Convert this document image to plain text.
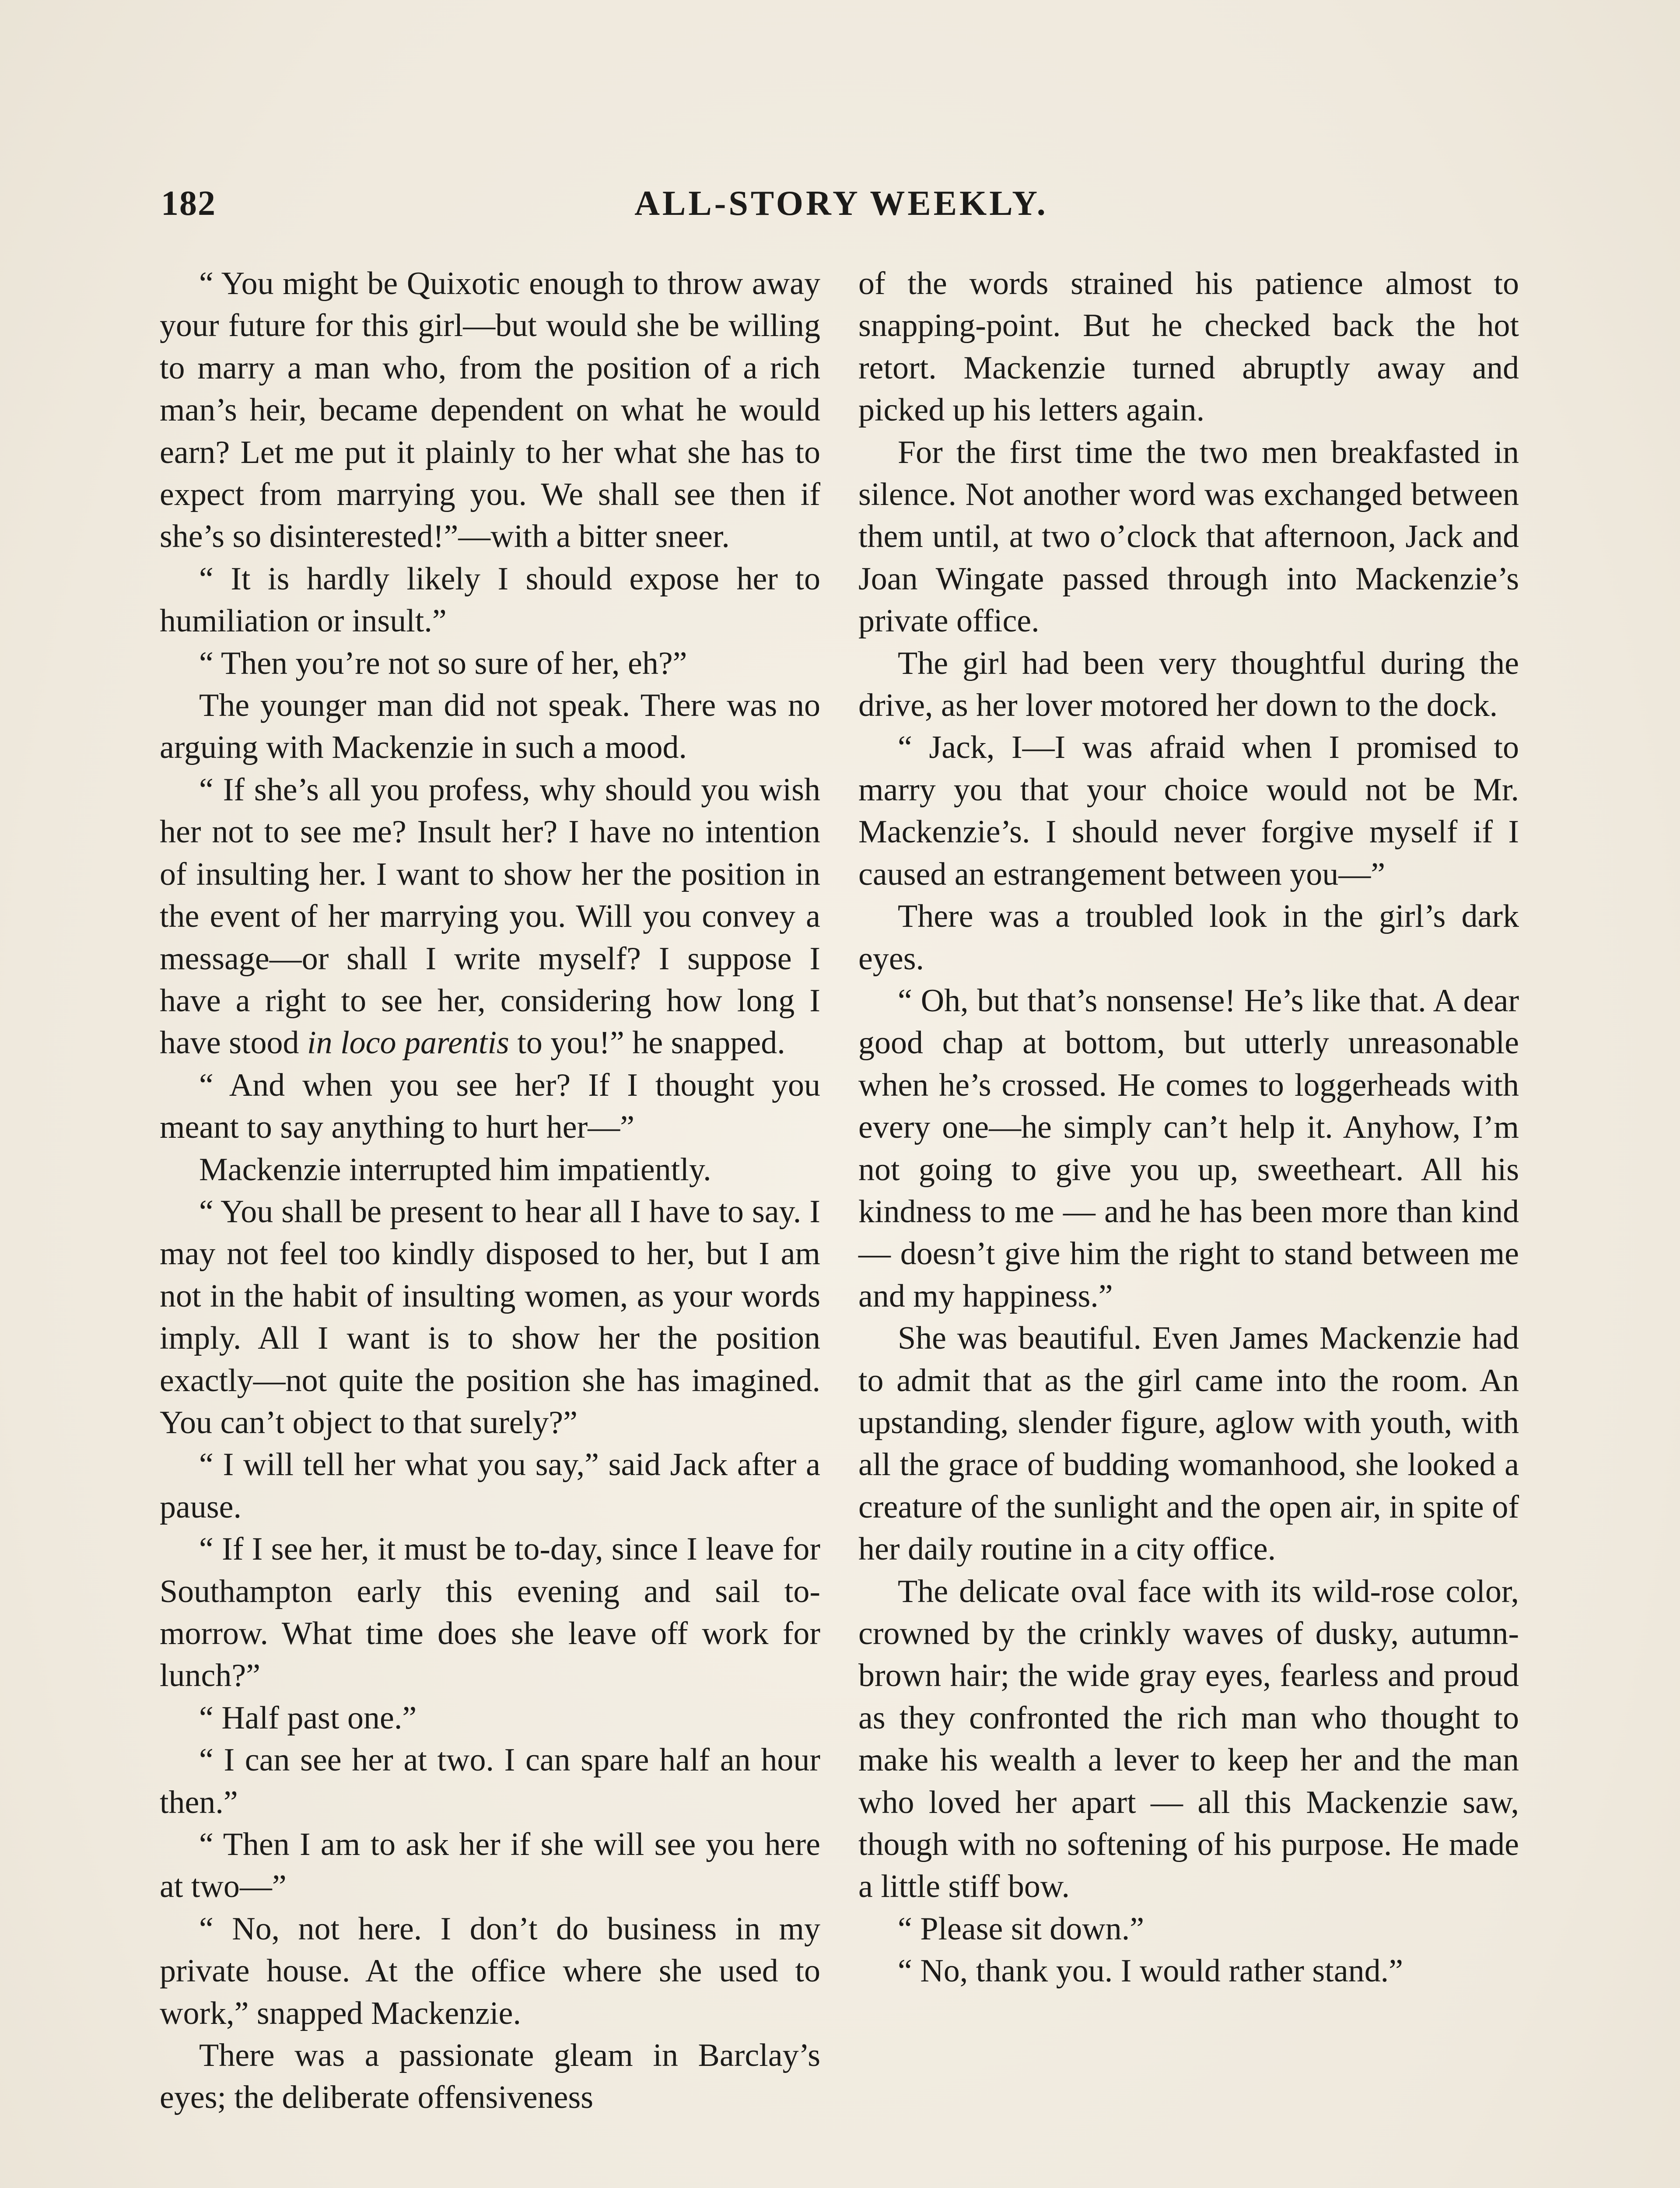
182	ALL-STORY WEEKLY.

“ You might be Quixotic enough to throw away your future for this girl—but would she be willing to marry a man who, from the position of a rich man’s heir, became dependent on what he would earn? Let me put it plainly to her what she has to expect from marrying you. We shall see then if she’s so disinterested!”—with a bitter sneer.

“ It is hardly likely I should expose her to humiliation or insult.”

“ Then you’re not so sure of her, eh?”

The younger man did not speak. There was no arguing with Mackenzie in such a mood.

“ If she’s all you profess, why should you wish her not to see me? Insult her? I have no intention of insulting her. I want to show her the position in the event of her marrying you. Will you convey a message—or shall I write myself? I suppose I have a right to see her, considering how long I have stood in loco parentis to you!” he snapped.

“ And when you see her? If I thought you meant to say anything to hurt her—”

Mackenzie interrupted him impatiently.

“ You shall be present to hear all I have to say. I may not feel too kindly disposed to her, but I am not in the habit of insulting women, as your words imply. All I want is to show her the position exactly—not quite the position she has imagined. You can’t object to that surely?”

“ I will tell her what you say,” said Jack after a pause.

“ If I see her, it must be to-day, since I leave for Southampton early this evening and sail to-morrow. What time does she leave off work for lunch?”

“ Half past one.”

“ I can see her at two. I can spare half an hour then.”

“ Then I am to ask her if she will see you here at two—”

“ No, not here. I don’t do business in my private house. At the office where she used to work,” snapped Mackenzie.

There was a passionate gleam in Barclay’s eyes; the deliberate offensiveness

of the words strained his patience almost to snapping-point. But he checked back the hot retort. Mackenzie turned abruptly away and picked up his letters again.

For the first time the two men breakfasted in silence. Not another word was exchanged between them until, at two o’clock that afternoon, Jack and Joan Wingate passed through into Mackenzie’s private office.

The girl had been very thoughtful during the drive, as her lover motored her down to the dock.

“ Jack, I—I was afraid when I promised to marry you that your choice would not be Mr. Mackenzie’s. I should never forgive myself if I caused an estrangement between you—”

There was a troubled look in the girl’s dark eyes.

“ Oh, but that’s nonsense! He’s like that. A dear good chap at bottom, but utterly unreasonable when he’s crossed. He comes to loggerheads with every one—he simply can’t help it. Anyhow, I’m not going to give you up, sweetheart. All his kindness to me — and he has been more than kind — doesn’t give him the right to stand between me and my happiness.”

She was beautiful. Even James Mackenzie had to admit that as the girl came into the room. An upstanding, slender figure, aglow with youth, with all the grace of budding womanhood, she looked a creature of the sunlight and the open air, in spite of her daily routine in a city office.

The delicate oval face with its wild-rose color, crowned by the crinkly waves of dusky, autumn-brown hair; the wide gray eyes, fearless and proud as they confronted the rich man who thought to make his wealth a lever to keep her and the man who loved her apart — all this Mackenzie saw, though with no softening of his purpose. He made a little stiff bow.

“ Please sit down.”

“ No, thank you. I would rather stand.”
